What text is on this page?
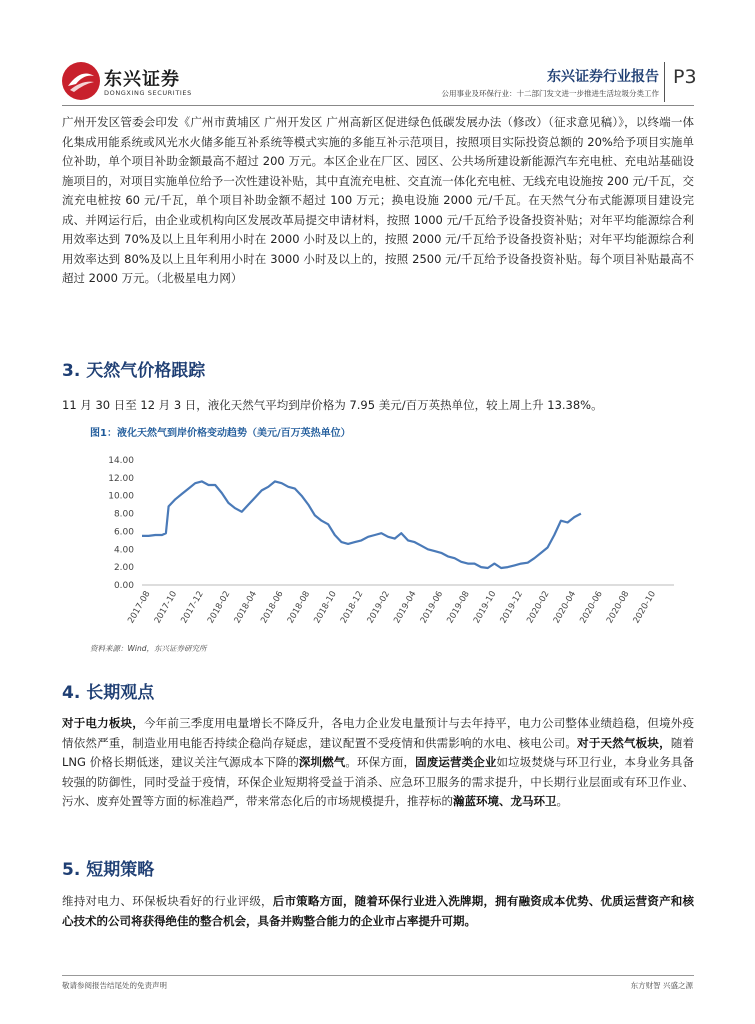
东兴证券
DONGXING SECURITIES
东兴证券行业报告
公用事业及环保行业：十二部门发文进一步推进生活垃圾分类工作
P3
广州开发区管委会印发《广州市黄埔区 广州开发区 广州高新区促进绿色低碳发展办法（修改）（征求意见稿）》，以终端一体化集成用能系统或风光水火储多能互补系统等模式实施的多能互补示范项目，按照项目实际投资总额的 20%给予项目实施单位补助，单个项目补助金额最高不超过 200 万元。本区企业在厂区、园区、公共场所建设新能源汽车充电桩、充电站基础设施项目的，对项目实施单位给予一次性建设补贴，其中直流充电桩、交直流一体化充电桩、无线充电设施按 200 元/千瓦，交流充电桩按 60 元/千瓦，单个项目补助金额不超过 100 万元；换电设施 2000 元/千瓦。在天然气分布式能源项目建设完成、并网运行后，由企业或机构向区发展改革局提交申请材料，按照 1000 元/千瓦给予设备投资补贴；对年平均能源综合利用效率达到 70%及以上且年利用小时在 2000 小时及以上的，按照 2000 元/千瓦给予设备投资补贴；对年平均能源综合利用效率达到 80%及以上且年利用小时在 3000 小时及以上的，按照 2500 元/千瓦给予设备投资补贴。每个项目补贴最高不超过 2000 万元。（北极星电力网）
3. 天然气价格跟踪
11 月 30 日至 12 月 3 日，液化天然气平均到岸价格为 7.95 美元/百万英热单位，较上周上升 13.38%。
图1：液化天然气到岸价格变动趋势（美元/百万英热单位）
0.00
2.00
4.00
6.00
8.00
10.00
12.00
14.00
2017-08 2017-10 2017-12 2018-02 2018-04 2018-06 2018-08 2018-10 2018-12 2019-02 2019-04 2019-06 2019-08 2019-10 2019-12 2020-02 2020-04 2020-06 2020-08 2020-10
资料来源：Wind，东兴证券研究所
4. 长期观点
对于电力板块，今年前三季度用电量增长不降反升，各电力企业发电量预计与去年持平，电力公司整体业绩趋稳，但境外疫情依然严重，制造业用电能否持续企稳尚存疑虑，建议配置不受疫情和供需影响的水电、核电公司。对于天然气板块，随着 LNG 价格长期低迷，建议关注气源成本下降的深圳燃气。环保方面，固废运营类企业如垃圾焚烧与环卫行业，本身业务具备较强的防御性，同时受益于疫情，环保企业短期将受益于消杀、应急环卫服务的需求提升，中长期行业层面或有环卫作业、污水、废弃处置等方面的标准趋严，带来常态化后的市场规模提升，推荐标的瀚蓝环境、龙马环卫。
5. 短期策略
维持对电力、环保板块看好的行业评级，后市策略方面，随着环保行业进入洗牌期，拥有融资成本优势、优质运营资产和核心技术的公司将获得绝佳的整合机会，具备并购整合能力的企业市占率提升可期。
敬请参阅报告结尾处的免责声明	东方财智 兴盛之源
